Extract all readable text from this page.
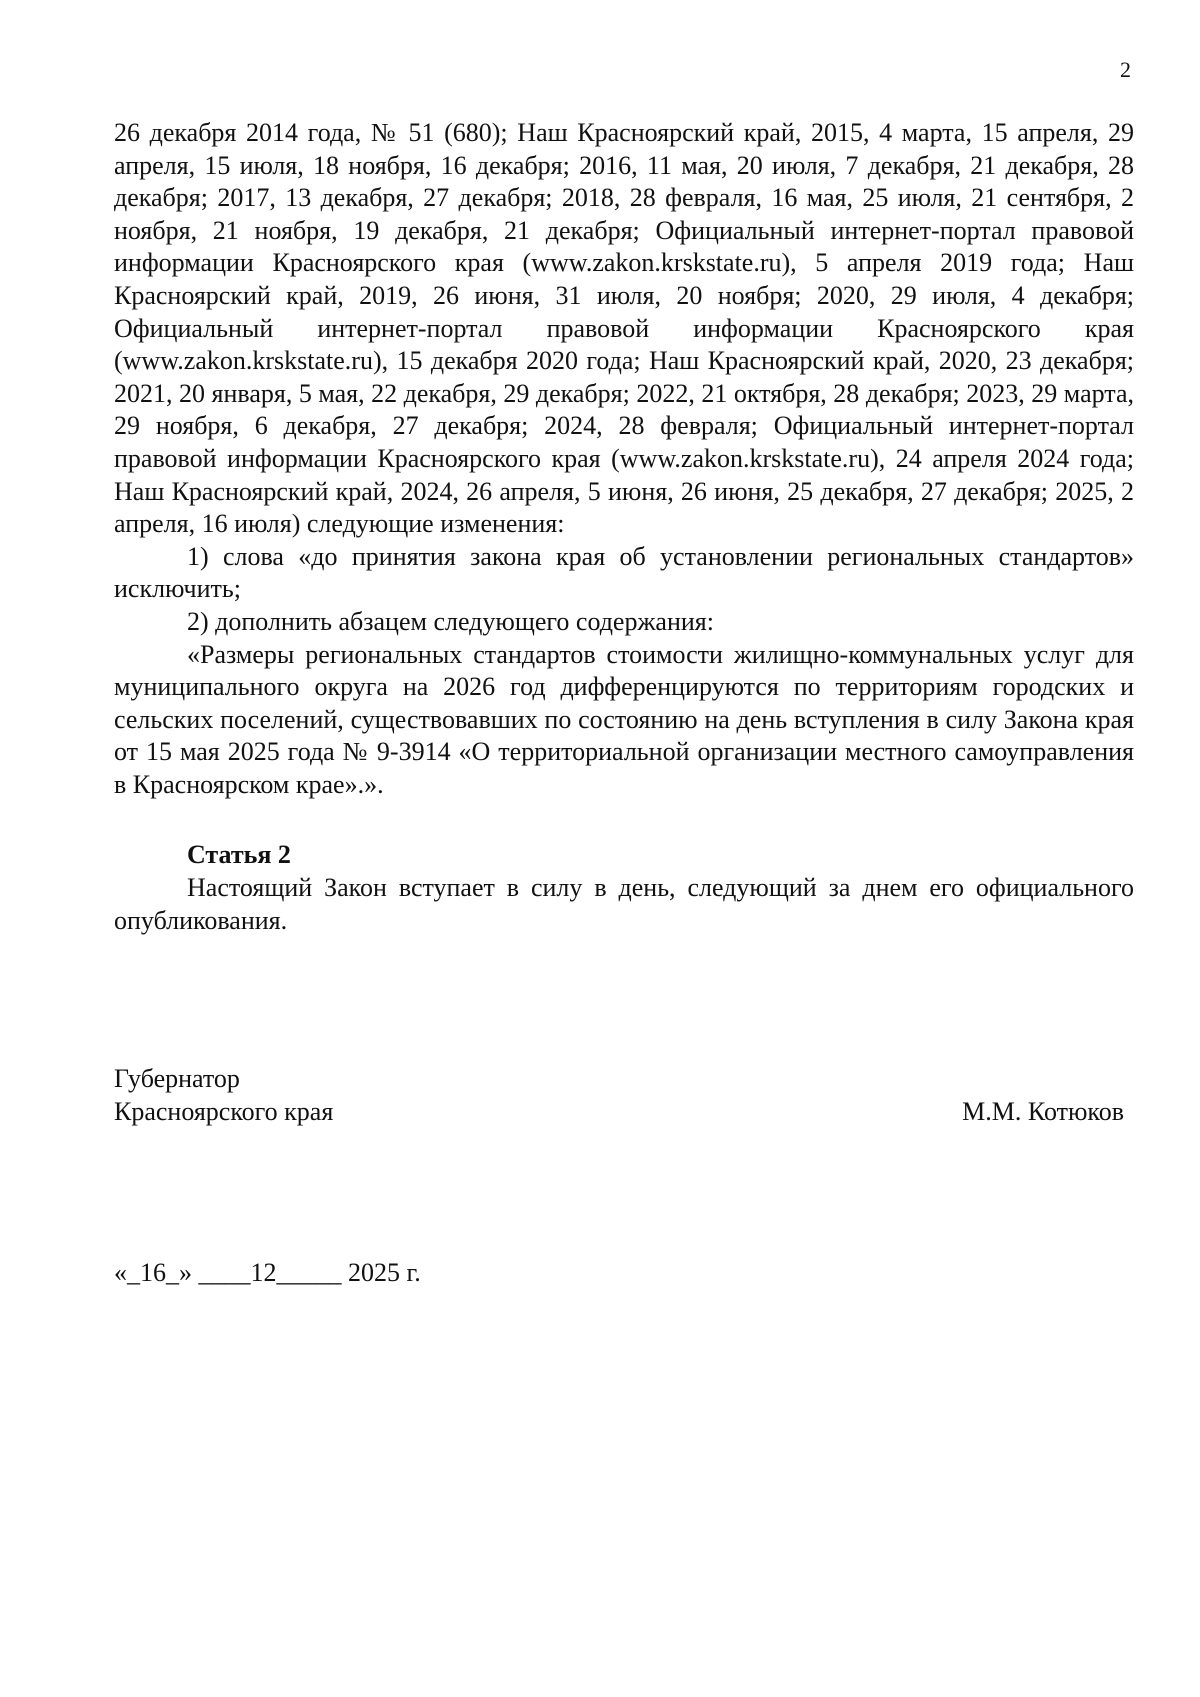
2

26 декабря 2014 года, № 51 (680); Наш Красноярский край, 2015, 4 марта, 15 апреля, 29 апреля, 15 июля, 18 ноября, 16 декабря; 2016, 11 мая, 20 июля, 7 декабря, 21 декабря, 28 декабря; 2017, 13 декабря, 27 декабря; 2018, 28 февраля, 16 мая, 25 июля, 21 сентября, 2 ноября, 21 ноября, 19 декабря, 21 декабря; Официальный интернет-портал правовой информации Красноярского края (www.zakon.krskstate.ru), 5 апреля 2019 года; Наш Красноярский край, 2019, 26 июня, 31 июля, 20 ноября; 2020, 29 июля, 4 декабря; Официальный интернет-портал правовой информации Красноярского края (www.zakon.krskstate.ru), 15 декабря 2020 года; Наш Красноярский край, 2020, 23 декабря; 2021, 20 января, 5 мая, 22 декабря, 29 декабря; 2022, 21 октября, 28 декабря; 2023, 29 марта, 29 ноября, 6 декабря, 27 декабря; 2024, 28 февраля; Официальный интернет-портал правовой информации Красноярского края (www.zakon.krskstate.ru), 24 апреля 2024 года; Наш Красноярский край, 2024, 26 апреля, 5 июня, 26 июня, 25 декабря, 27 декабря; 2025, 2 апреля, 16 июля) следующие изменения:

1) слова «до принятия закона края об установлении региональных стандартов» исключить;

2) дополнить абзацем следующего содержания:

«Размеры региональных стандартов стоимости жилищно-коммунальных услуг для муниципального округа на 2026 год дифференцируются по территориям городских и сельских поселений, существовавших по состоянию на день вступления в силу Закона края от 15 мая 2025 года № 9-3914 «О территориальной организации местного самоуправления в Красноярском крае».».

Статья 2

Настоящий Закон вступает в силу в день, следующий за днем его официального опубликования.

Губернатор
Красноярского края	М.М. Котюков
«_16_» ____12_____ 2025 г.
